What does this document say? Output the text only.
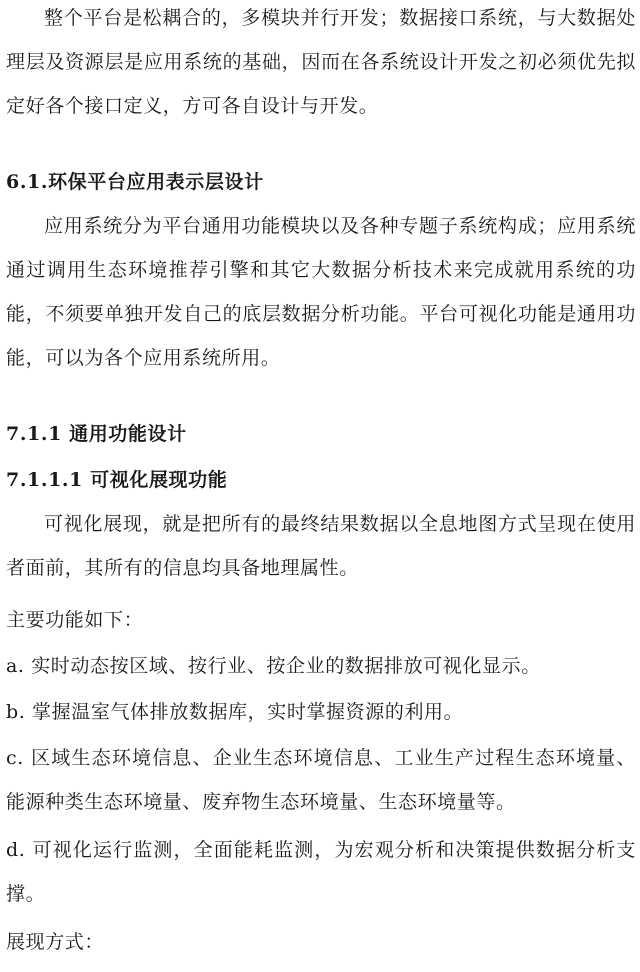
整个平台是松耦合的，多模块并行开发；数据接口系统，与大数据处理层及资源层是应用系统的基础，因而在各系统设计开发之初必须优先拟定好各个接口定义，方可各自设计与开发。

6.1.环保平台应用表示层设计

应用系统分为平台通用功能模块以及各种专题子系统构成；应用系统通过调用生态环境推荐引擎和其它大数据分析技术来完成就用系统的功能，不须要单独开发自己的底层数据分析功能。平台可视化功能是通用功能，可以为各个应用系统所用。

7.1.1 通用功能设计
7.1.1.1 可视化展现功能

可视化展现，就是把所有的最终结果数据以全息地图方式呈现在使用者面前，其所有的信息均具备地理属性。

主要功能如下：

a. 实时动态按区域、按行业、按企业的数据排放可视化显示。

b. 掌握温室气体排放数据库，实时掌握资源的利用。

c. 区域生态环境信息、企业生态环境信息、工业生产过程生态环境量、能源种类生态环境量、废弃物生态环境量、生态环境量等。

d. 可视化运行监测，全面能耗监测，为宏观分析和决策提供数据分析支撑。

展现方式：
